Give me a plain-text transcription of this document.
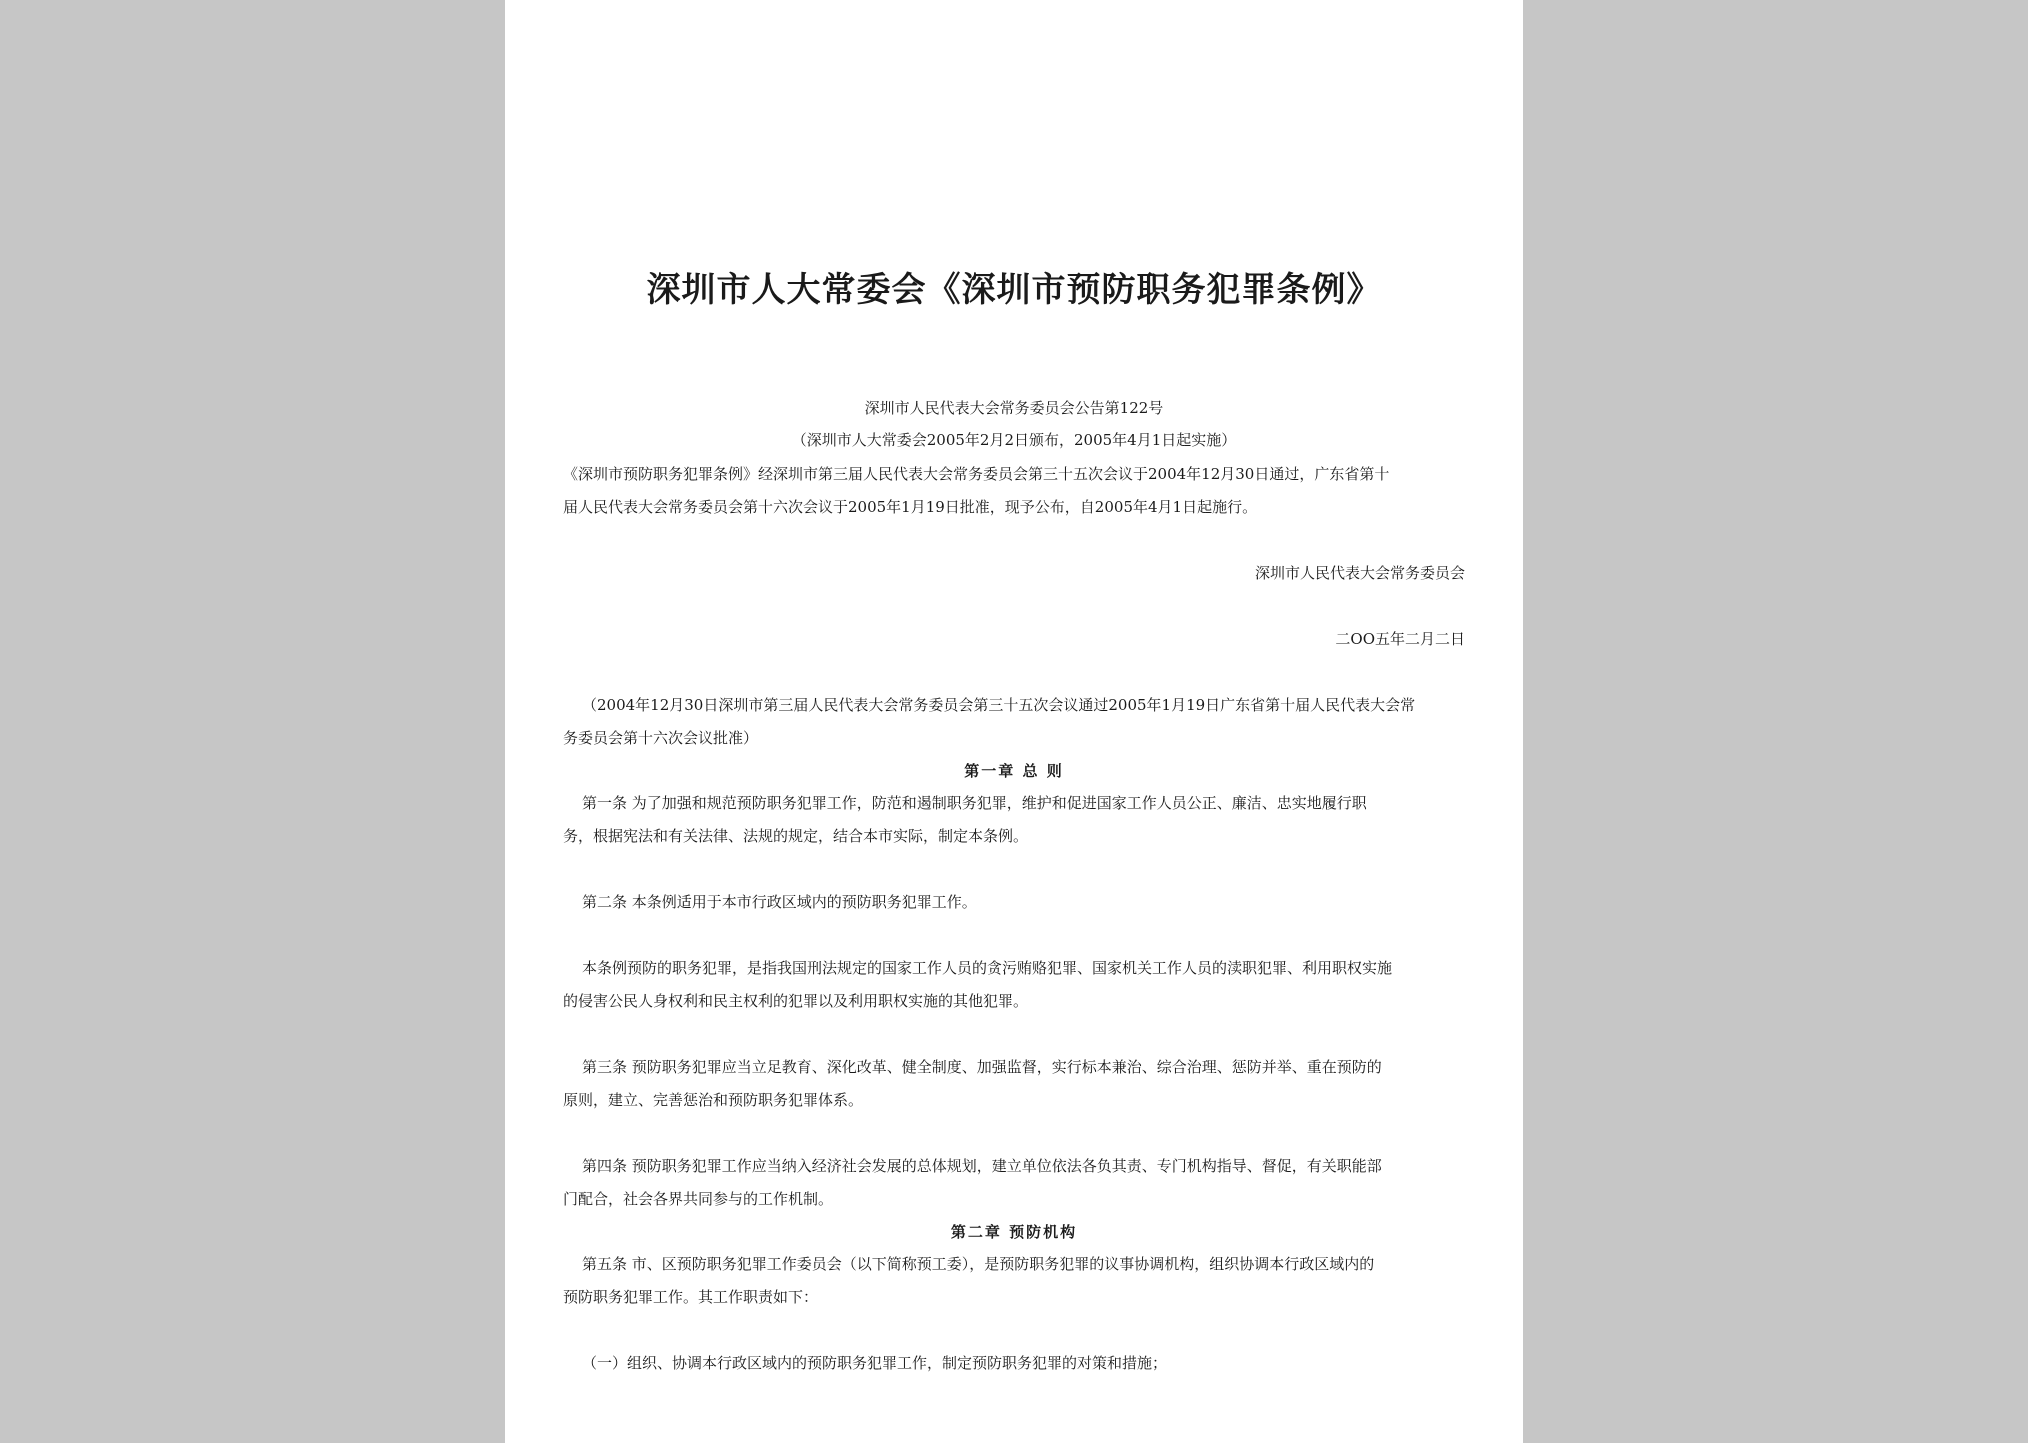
深圳市人大常委会《深圳市预防职务犯罪条例》
深圳市人民代表大会常务委员会公告第122号
（深圳市人大常委会2005年2月2日颁布，2005年4月1日起实施）
《深圳市预防职务犯罪条例》经深圳市第三届人民代表大会常务委员会第三十五次会议于2004年12月30日通过，广东省第十
届人民代表大会常务委员会第十六次会议于2005年1月19日批准，现予公布，自2005年4月1日起施行。
深圳市人民代表大会常务委员会
二OO五年二月二日
（2004年12月30日深圳市第三届人民代表大会常务委员会第三十五次会议通过2005年1月19日广东省第十届人民代表大会常
务委员会第十六次会议批准）
第一章 总 则
第一条 为了加强和规范预防职务犯罪工作，防范和遏制职务犯罪，维护和促进国家工作人员公正、廉洁、忠实地履行职
务，根据宪法和有关法律、法规的规定，结合本市实际，制定本条例。
第二条 本条例适用于本市行政区域内的预防职务犯罪工作。
本条例预防的职务犯罪，是指我国刑法规定的国家工作人员的贪污贿赂犯罪、国家机关工作人员的渎职犯罪、利用职权实施
的侵害公民人身权利和民主权利的犯罪以及利用职权实施的其他犯罪。
第三条 预防职务犯罪应当立足教育、深化改革、健全制度、加强监督，实行标本兼治、综合治理、惩防并举、重在预防的
原则，建立、完善惩治和预防职务犯罪体系。
第四条 预防职务犯罪工作应当纳入经济社会发展的总体规划，建立单位依法各负其责、专门机构指导、督促，有关职能部
门配合，社会各界共同参与的工作机制。
第二章 预防机构
第五条 市、区预防职务犯罪工作委员会（以下简称预工委），是预防职务犯罪的议事协调机构，组织协调本行政区域内的
预防职务犯罪工作。其工作职责如下：
（一）组织、协调本行政区域内的预防职务犯罪工作，制定预防职务犯罪的对策和措施；
